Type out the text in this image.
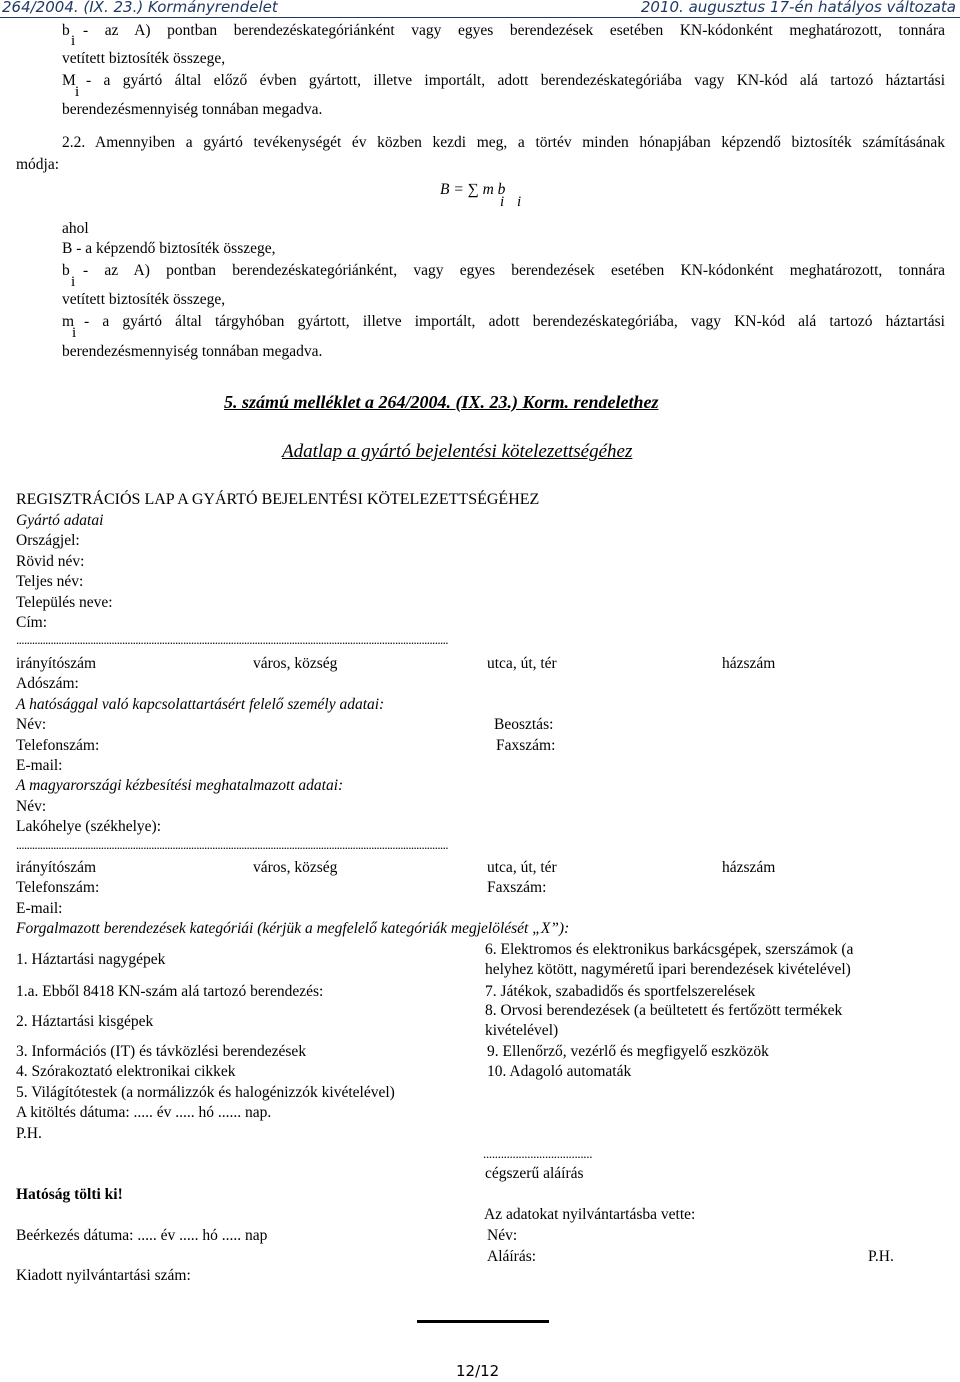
264/2004. (IX. 23.) Kormányrendelet	2010. augusztus 17-én hatályos változata
b
i
- az A) pontban berendezéskategóriánként vagy egyes berendezések esetében KN-kódonként meghatározott, tonnára
vetített biztosíték összege,
M
i
- a gyártó által előző évben gyártott, illetve importált, adott berendezéskategóriába vagy KN-kód alá tartozó háztartási
berendezésmennyiség tonnában megadva.
2.2. Amennyiben a gyártó tevékenységét év közben kezdi meg, a törtév minden hónapjában képzendő biztosíték számításának
módja:
B = ∑ m b
i i
ahol
B - a képzendő biztosíték összege,
b
i
- az A) pontban berendezéskategóriánként, vagy egyes berendezések esetében KN-kódonként meghatározott, tonnára
vetített biztosíték összege,
m
i
- a gyártó által tárgyhóban gyártott, illetve importált, adott berendezéskategóriába, vagy KN-kód alá tartozó háztartási
berendezésmennyiség tonnában megadva.
5. számú melléklet a 264/2004. (IX. 23.) Korm. rendelethez
Adatlap a gyártó bejelentési kötelezettségéhez
REGISZTRÁCIÓS LAP A GYÁRTÓ BEJELENTÉSI KÖTELEZETTSÉGÉHEZ
Gyártó adatai
Országjel:
Rövid név:
Teljes név:
Település neve:
Cím:
...................................................................................................................................................................
irányítószám	város, község	utca, út, tér	házszám
Adószám:
A hatósággal való kapcsolattartásért felelő személy adatai:
Név:	Beosztás:
Telefonszám:	Faxszám:
E-mail:
A magyarországi kézbesítési meghatalmazott adatai:
Név:
Lakóhelye (székhelye):
...................................................................................................................................................................
irányítószám	város, község	utca, út, tér	házszám
Telefonszám:	Faxszám:
E-mail:
Forgalmazott berendezések kategóriái (kérjük a megfelelő kategóriák megjelölését „X”):
1. Háztartási nagygépek
1.a. Ebből 8418 KN-szám alá tartozó berendezés:
2. Háztartási kisgépek
3. Információs (IT) és távközlési berendezések
4. Szórakoztató elektronikai cikkek
5. Világítótestek (a normálizzók és halogénizzók kivételével)
6. Elektromos és elektronikus barkácsgépek, szerszámok (a
helyhez kötött, nagyméretű ipari berendezések kivételével)
7. Játékok, szabadidős és sportfelszerelések
8. Orvosi berendezések (a beültetett és fertőzött termékek
kivételével)
9. Ellenőrző, vezérlő és megfigyelő eszközök
10. Adagoló automaták
A kitöltés dátuma: ..... év ..... hó ...... nap.
P.H.
.....................................
cégszerű aláírás
Hatóság tölti ki!
Az adatokat nyilvántartásba vette:
Beérkezés dátuma: ..... év ..... hó ..... nap	Név:
Aláírás:	P.H.
Kiadott nyilvántartási szám:
12/12
